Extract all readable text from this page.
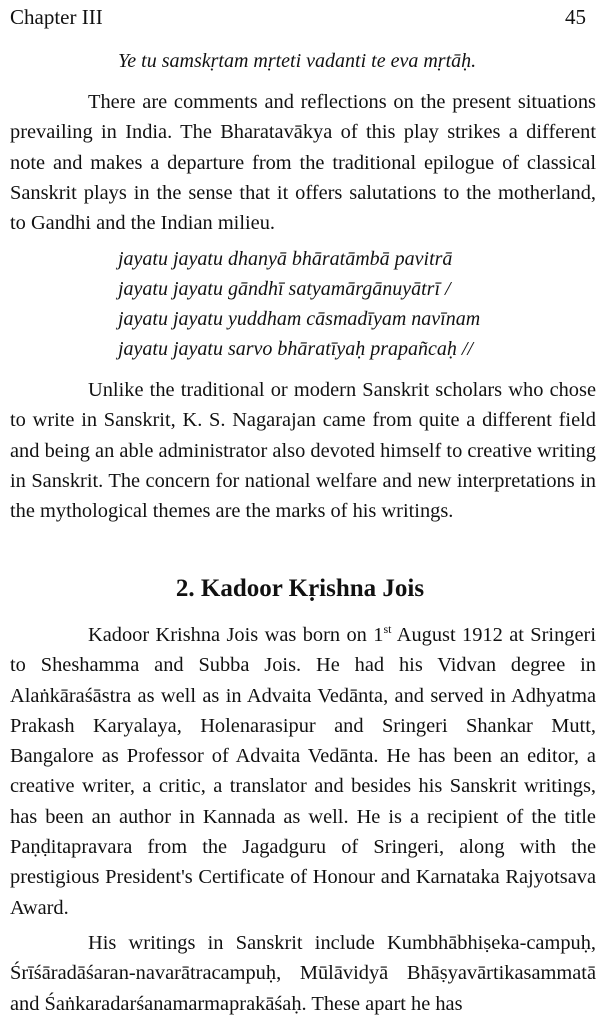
Chapter III	45
Ye tu samskṛtam mṛteti vadanti te eva mṛtāḥ.

There are comments and reflections on the present situations prevailing in India. The Bharatavākya of this play strikes a different note and makes a departure from the traditional epilogue of classical Sanskrit plays in the sense that it offers salutations to the motherland, to Gandhi and the Indian milieu.

jayatu jayatu dhanyā bhāratāmbā pavitrā
jayatu jayatu gāndhī satyamārgānuyātrī /
jayatu jayatu yuddham cāsmadīyam navīnam
jayatu jayatu sarvo bhāratīyaḥ prapañcaḥ //

Unlike the traditional or modern Sanskrit scholars who chose to write in Sanskrit, K. S. Nagarajan came from quite a different field and being an able administrator also devoted himself to creative writing in Sanskrit. The concern for national welfare and new interpretations in the mythological themes are the marks of his writings.

2. Kadoor Kṛishna Jois

Kadoor Krishna Jois was born on 1st August 1912 at Sringeri to Sheshamma and Subba Jois. He had his Vidvan degree in Alaṅkāraśāstra as well as in Advaita Vedānta, and served in Adhyatma Prakash Karyalaya, Holenarasipur and Sringeri Shankar Mutt, Bangalore as Professor of Advaita Vedānta. He has been an editor, a creative writer, a critic, a translator and besides his Sanskrit writings, has been an author in Kannada as well. He is a recipient of the title Paṇḍitapravara from the Jagadguru of Sringeri, along with the prestigious President's Certificate of Honour and Karnataka Rajyotsava Award.

His writings in Sanskrit include Kumbhābhiṣeka-campuḥ, Śrīśāradāśaran-navarātracampuḥ, Mūlāvidyā Bhāṣyavārtikasammatā and Śaṅkaradarśanamarmaprakāśaḥ. These apart he has
